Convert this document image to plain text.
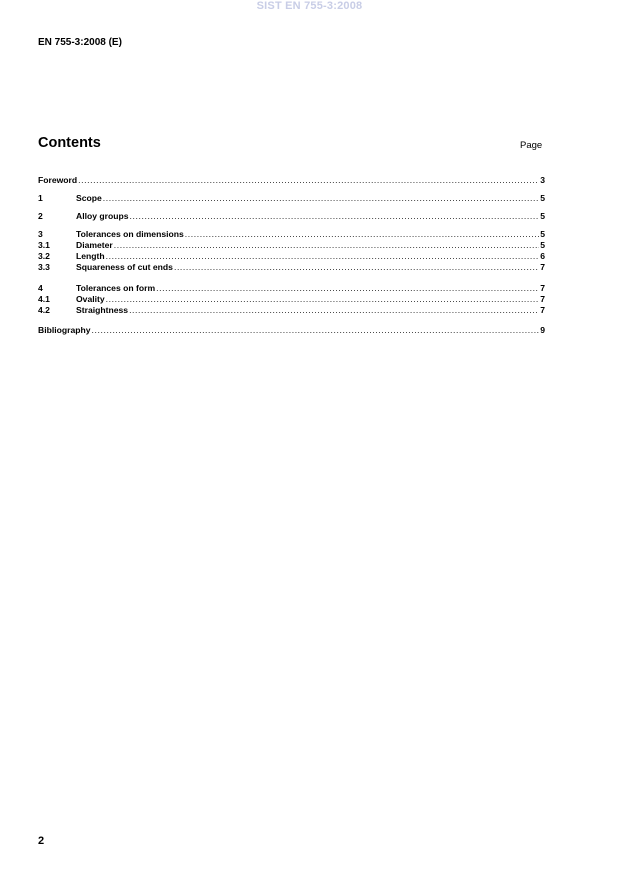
SIST EN 755-3:2008
EN 755-3:2008 (E)
Contents	Page
Foreword .....	3
1	Scope .....	5
2	Alloy groups .....	5
3	Tolerances on dimensions .....	5
3.1	Diameter .....	5
3.2	Length .....	6
3.3	Squareness of cut ends .....	7
4	Tolerances on form .....	7
4.1	Ovality .....	7
4.2	Straightness .....	7
Bibliography .....	9
2
